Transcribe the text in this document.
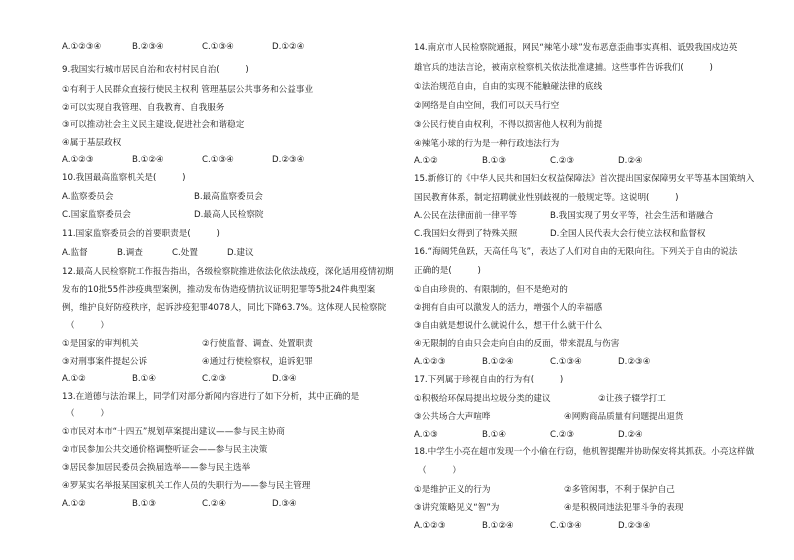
A.①②③④	B.②③④	C.①③④	D.①②④
9.我国实行城市居民自治和农村村民自治(　　　)
①有利于人民群众直接行使民主权利 管理基层公共事务和公益事业
②可以实现自我管理、自我教育、自我服务
③可以推动社会主义民主建设,促进社会和谐稳定
④属于基层政权
A.①②③	B.①②④	C.①③④	D.②③④
10.我国最高监察机关是(　　　)
A.监察委员会	B.最高监察委员会
C.国家监察委员会	D.最高人民检察院
11.国家监察委员会的首要职责是(　　　)
A.监督	B.调查	C.处置	D.建议
12.最高人民检察院工作报告指出，各级检察院推进依法化依法战疫，深化适用疫情初期
发布的10批55件涉疫典型案例，推动发布伪造疫情抗议证明犯罪等5批24件典型案
例，维护良好防疫秩序，起诉涉疫犯罪4078人，同比下降63.7%。这体现人民检察院
（　　　）
①是国家的审判机关	②行使监督、调查、处置职责
③对刑事案件提起公诉	④通过行使检察权，追诉犯罪
A.①②	B.①④	C.②③	D.③④
13.在道德与法治课上，同学们对部分新闻内容进行了如下分析，其中正确的是
（　　　）
①市民对本市“十四五”规划草案提出建议——参与民主协商
②市民参加公共交通价格调整听证会——参与民主决策
③居民参加居民委员会换届选举——参与民主选举
④罗某实名举报某国家机关工作人员的失职行为——参与民主管理
A.①②	B.①③	C.②④	D.③④
14.南京市人民检察院通报，网民“辣笔小球”发布恶意歪曲事实真相、诋毁我国戍边英
雄官兵的违法言论，被南京检察机关依法批准逮捕。这些事件告诉我们(　　　)
①法治规范自由，自由的实现不能触碰法律的底线
②网络是自由空间，我们可以天马行空
③公民行使自由权利，不得以损害他人权利为前提
④辣笔小球的行为是一种行政违法行为
A.①②	B.①③	C.②③	D.②④
15.新修订的《中华人民共和国妇女权益保障法》首次提出国家保障男女平等基本国策纳入
国民教育体系，制定招聘就业性别歧视的一般规定等。这说明(　　　)
A.公民在法律面前一律平等	B.我国实现了男女平等，社会生活和谐融合
C.我国妇女得到了特殊关照	D.全国人民代表大会行使立法权和监督权
16.“海阔凭鱼跃，天高任鸟飞”，表达了人们对自由的无限向往。下列关于自由的说法
正确的是(　　　)
①自由珍贵的、有限制的，但不是绝对的
②拥有自由可以激发人的活力，增强个人的幸福感
③自由就是想说什么就说什么，想干什么就干什么
④无限制的自由只会走向自由的反面，带来混乱与伤害
A.①②③	B.①②④	C.①③④	D.②③④
17.下列属于珍视自由的行为有(　　　)
①积极给环保局提出垃圾分类的建议	②让孩子辍学打工
③公共场合大声喧哗	④网购商品质量有问题提出退货
A.①③	B.①④	C.②③	D.②④
18.中学生小亮在超市发现一个小偷在行窃，他机智提醒并协助保安将其抓获。小亮这样做
（　　　）
①是维护正义的行为	②多管闲事，不利于保护自己
③讲究策略见义“智”为	④是积极同违法犯罪斗争的表现
A.①②③	B.①②④	C.①③④	D.②③④
